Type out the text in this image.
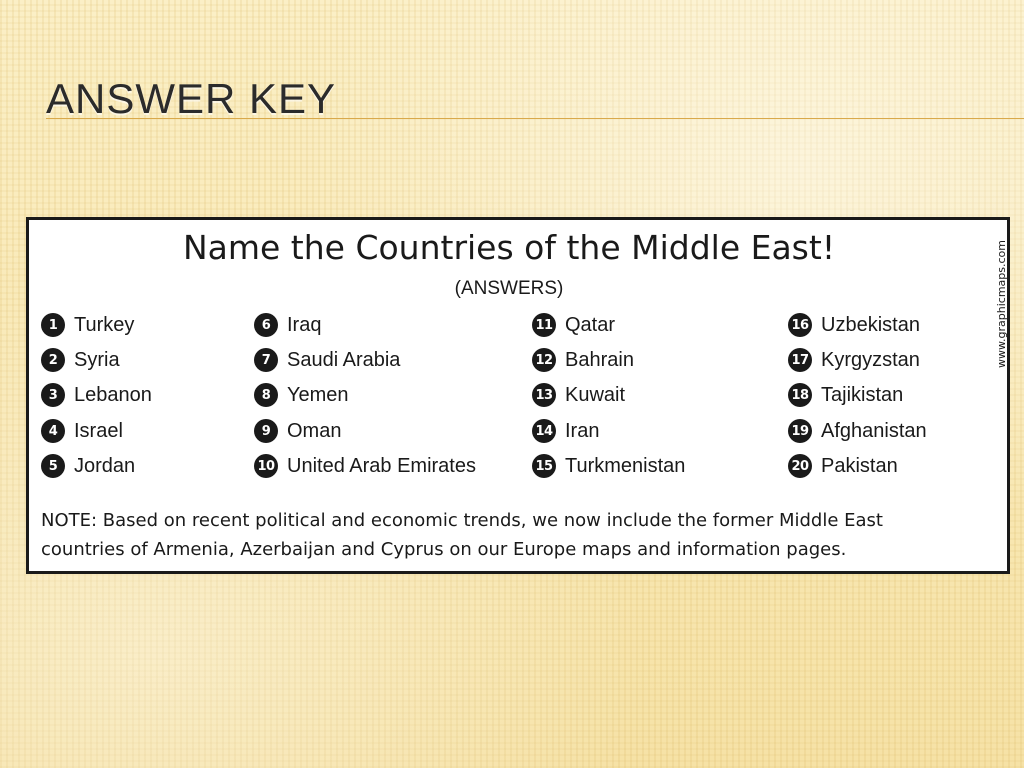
ANSWER KEY
Name the Countries of the Middle East!
(ANSWERS)	www.graphicmaps.com
1 Turkey
2 Syria
3 Lebanon
4 Israel
5 Jordan
6 Iraq
7 Saudi Arabia
8 Yemen
9 Oman
10 United Arab Emirates
11 Qatar
12 Bahrain
13 Kuwait
14 Iran
15 Turkmenistan
16 Uzbekistan
17 Kyrgyzstan
18 Tajikistan
19 Afghanistan
20 Pakistan

NOTE: Based on recent political and economic trends, we now include the former Middle East
countries of Armenia, Azerbaijan and Cyprus on our Europe maps and information pages.
